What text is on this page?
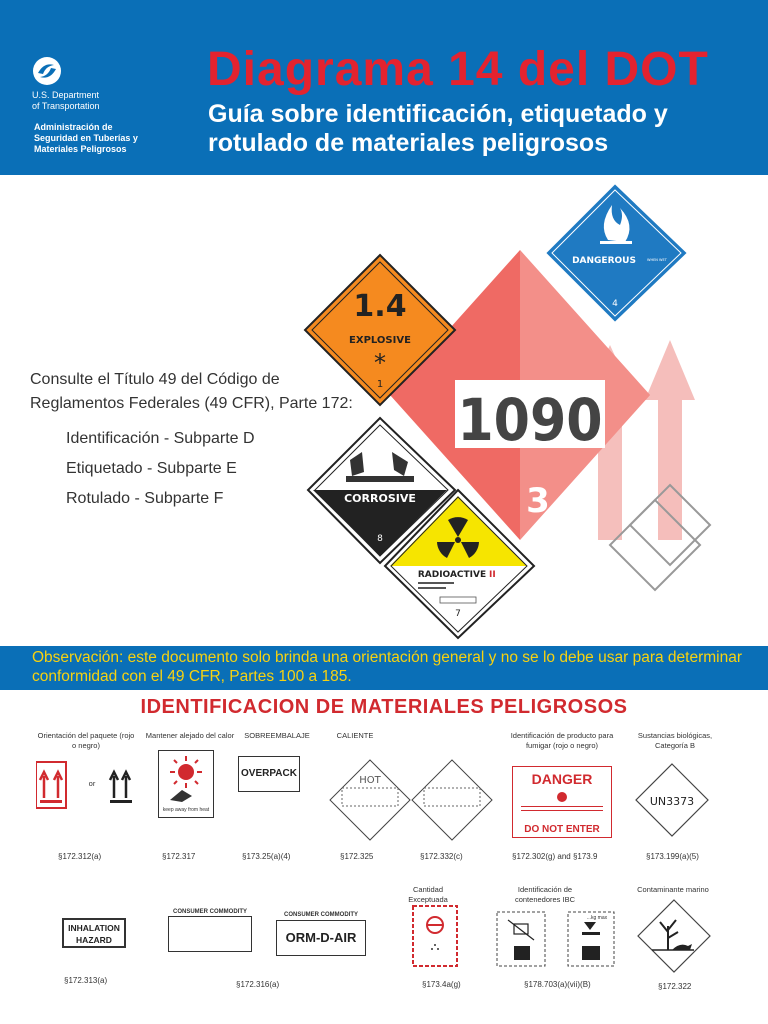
U.S. Department
of Transportation
Administración de
Seguridad en Tuberías y
Materiales Peligrosos
Diagrama 14 del DOT
Guía sobre identificación, etiquetado y rotulado de materiales peligrosos
1090
3
1.4
EXPLOSIVE
*
1
DANGEROUS	WHEN WET
4
CORROSIVE
8
RADIOACTIVE II
7
Consulte el Título 49 del Código de Reglamentos Federales (49 CFR), Parte 172:
Identificación - Subparte D
Etiquetado - Subparte E
Rotulado - Subparte F
Observación: este documento solo brinda una orientación general y no se lo debe usar para determinar conformidad con el 49 CFR, Partes 100 a 185.
IDENTIFICACION DE MATERIALES PELIGROSOS
Orientación del paquete (rojo o negro)
or
§172.312(a)
Mantener alejado del calor
keep away from heat
§172.317
SOBREEMBALAJE
OVERPACK
§173.25(a)(4)
CALIENTE
HOT
§172.325	§172.332(c)
Identificación de producto para fumigar (rojo o negro)
DANGER
DO NOT ENTER
§172.302(g) and §173.9
Sustancias biológicas, Categoría B
UN3373
§173.199(a)(5)
INHALATION HAZARD
§172.313(a)
CONSUMER COMMODITY
§172.316(a)
CONSUMER COMMODITY
ORM-D-AIR
Cantidad Exceptuada
§173.4a(g)
Identificación de contenedores IBC
...kg max
§178.703(a)(vii)(B)
Contaminante marino
§172.322
